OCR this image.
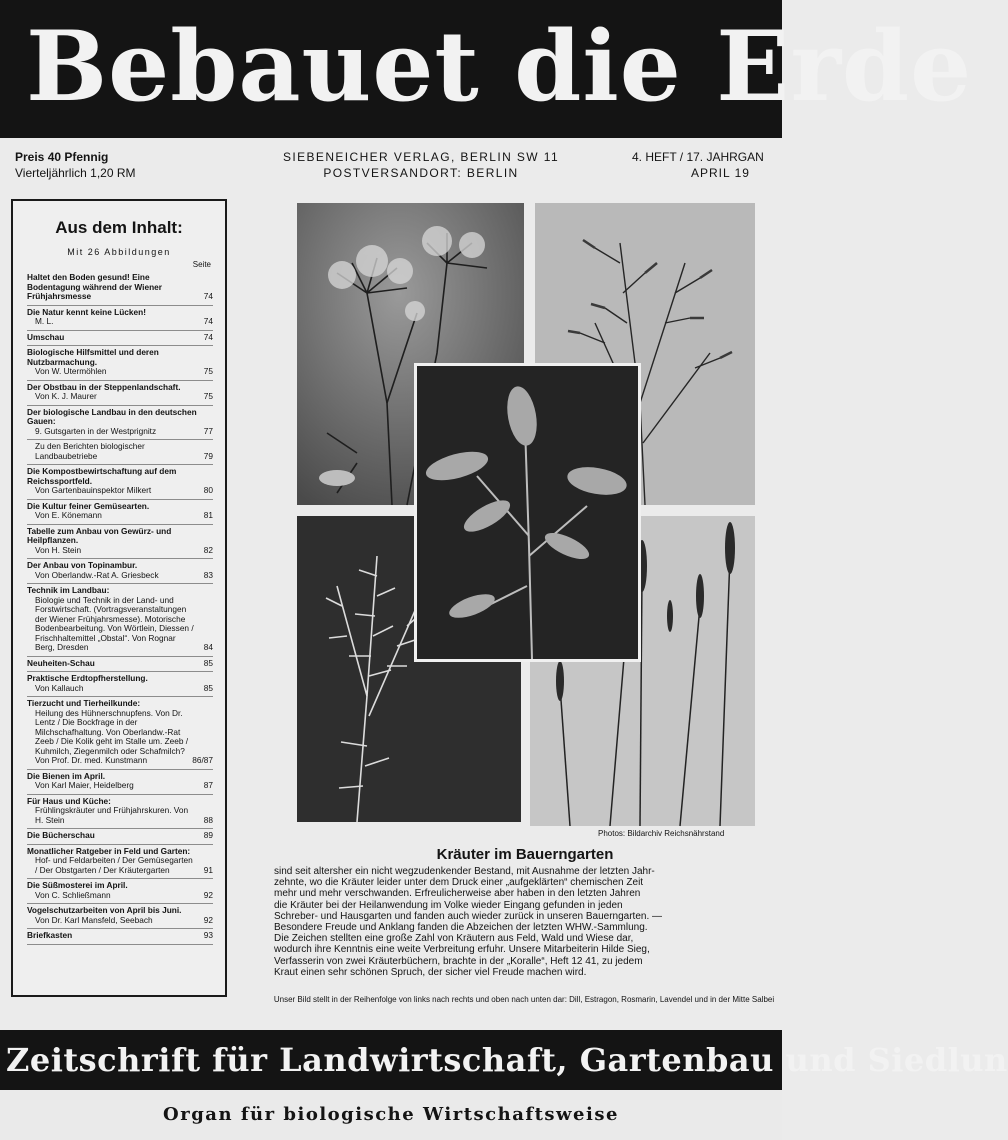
Bebauet die Erde
Preis 40 Pfennig
Vierteljährlich 1,20 RM
SIEBENEICHER VERLAG, BERLIN SW 11
POSTVERSANDORT: BERLIN
4. HEFT / 17. JAHRGAN
APRIL 19
Aus dem Inhalt:
Mit 26 Abbildungen
Seite
Haltet den Boden gesund! Eine Bodentagung während der Wiener Frühjahrsmesse	74
Die Natur kennt keine Lücken!
M. L.	74
Umschau	74
Biologische Hilfsmittel und deren Nutzbarmachung.
Von W. Utermöhlen	75
Der Obstbau in der Steppenlandschaft.
Von K. J. Maurer	75
Der biologische Landbau in den deutschen Gauen:
9. Gutsgarten in der Westprignitz	77
Zu den Berichten biologischer Landbaubetriebe	79
Die Kompostbewirtschaftung auf dem Reichssportfeld.
Von Gartenbauinspektor Milkert	80
Die Kultur feiner Gemüsearten.
Von E. Könemann	81
Tabelle zum Anbau von Gewürz- und Heilpflanzen.
Von H. Stein	82
Der Anbau von Topinambur.
Von Oberlandw.-Rat A. Griesbeck	83
Technik im Landbau:
Biologie und Technik in der Land- und Forstwirtschaft. (Vortragsveranstaltungen der Wiener Frühjahrsmesse). Motorische Bodenbearbeitung. Von Wörtlein, Diessen / Frischhaltemittel „Obstal“. Von Rognar Berg, Dresden	84
Neuheiten-Schau	85
Praktische Erdtopfherstellung.
Von Kallauch	85
Tierzucht und Tierheilkunde:
Heilung des Hühnerschnupfens. Von Dr. Lentz / Die Bockfrage in der Milchschafhaltung. Von Oberlandw.-Rat Zeeb / Die Kolik geht im Stalle um. Zeeb / Kuhmilch, Ziegenmilch oder Schafmilch? Von Prof. Dr. med. Kunstmann	86/87
Die Bienen im April.
Von Karl Maier, Heidelberg	87
Für Haus und Küche:
Frühlingskräuter und Frühjahrskuren. Von H. Stein	88
Die Bücherschau	89
Monatlicher Ratgeber in Feld und Garten:
Hof- und Feldarbeiten / Der Gemüsegarten / Der Obstgarten / Der Kräutergarten	91
Die Süßmosterei im April.
Von C. Schließmann	92
Vogelschutzarbeiten von April bis Juni.
Von Dr. Karl Mansfeld, Seebach	92
Briefkasten	93
Photos: Bildarchiv Reichsnährstand
Kräuter im Bauerngarten
sind seit altersher ein nicht wegzudenkender Bestand, mit Ausnahme der letzten Jahr-
zehnte, wo die Kräuter leider unter dem Druck einer „aufgeklärten“ chemischen Zeit
mehr und mehr verschwanden. Erfreulicherweise aber haben in den letzten Jahren
die Kräuter bei der Heilanwendung im Volke wieder Eingang gefunden in jeden
Schreber- und Hausgarten und fanden auch wieder zurück in unseren Bauerngarten. —
Besondere Freude und Anklang fanden die Abzeichen der letzten WHW.-Sammlung.
Die Zeichen stellten eine große Zahl von Kräutern aus Feld, Wald und Wiese dar,
wodurch ihre Kenntnis eine weite Verbreitung erfuhr. Unsere Mitarbeiterin Hilde Sieg,
Verfasserin von zwei Kräuterbüchern, brachte in der „Koralle“, Heft 12 41, zu jedem
Kraut einen sehr schönen Spruch, der sicher viel Freude machen wird.
Unser Bild stellt in der Reihenfolge von links nach rechts und oben nach unten dar: Dill, Estragon, Rosmarin, Lavendel und in der Mitte Salbei
Zeitschrift für Landwirtschaft, Gartenbau und Siedlun
Organ für biologische Wirtschaftsweise
